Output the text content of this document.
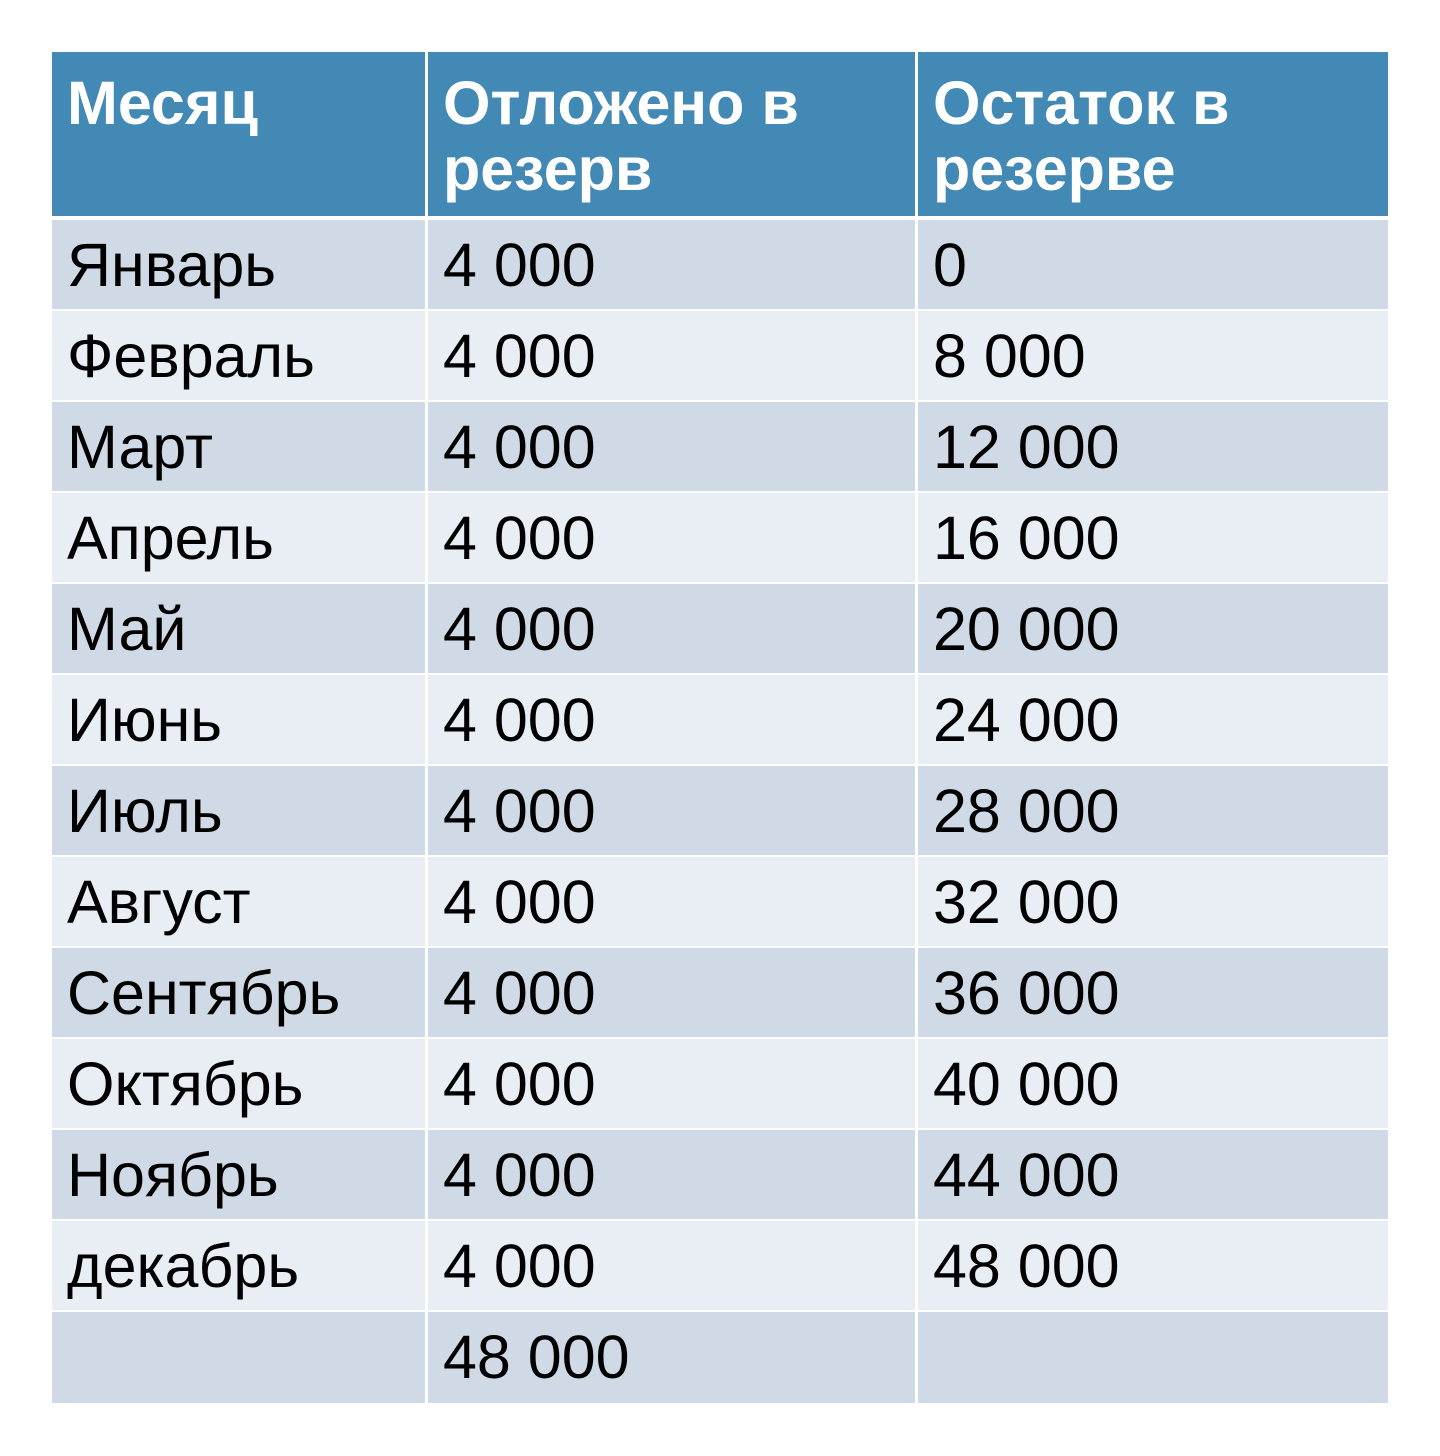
Месяц	Отложено в резерв	Остаток в резерве
Январь	4 000	0
Февраль	4 000	8 000
Март	4 000	12 000
Апрель	4 000	16 000
Май	4 000	20 000
Июнь	4 000	24 000
Июль	4 000	28 000
Август	4 000	32 000
Сентябрь	4 000	36 000
Октябрь	4 000	40 000
Ноябрь	4 000	44 000
декабрь	4 000	48 000
	48 000	
